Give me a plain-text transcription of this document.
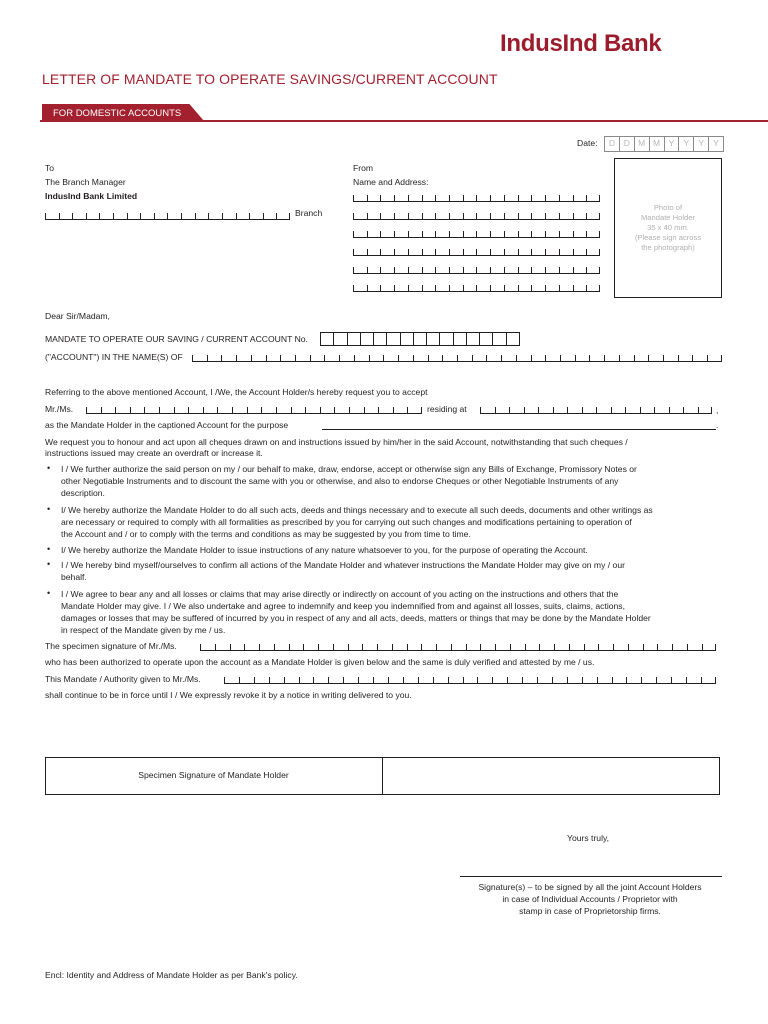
IndusInd Bank
LETTER OF MANDATE TO OPERATE SAVINGS/CURRENT ACCOUNT
FOR DOMESTIC ACCOUNTS
Date:	D	D M M Y	Y	Y	Y
To
The Branch Manager
IndusInd Bank Limited
Branch
From
Name and Address:
Photo of
Mandate Holder
35 x 40 mm.
(Please sign across
the photograph)
Dear Sir/Madam,
MANDATE TO OPERATE OUR SAVING / CURRENT ACCOUNT No.
("ACCOUNT") IN THE NAME(S) OF
Referring to the above mentioned Account, I /We, the Account Holder/s hereby request you to accept
Mr./Ms.	residing at	,
as the Mandate Holder in the captioned Account for the purpose	.
We request you to honour and act upon all cheques drawn on and instructions issued by him/her in the said Account, notwithstanding that such cheques /
instructions issued may create an overdraft or increase it.
• I / We further authorize the said person on my / our behalf to make, draw, endorse, accept or otherwise sign any Bills of Exchange, Promissory Notes or
other Negotiable Instruments and to discount the same with you or otherwise, and also to endorse Cheques or other Negotiable Instruments of any
description.
• I/ We hereby authorize the Mandate Holder to do all such acts, deeds and things necessary and to execute all such deeds, documents and other writings as
are necessary or required to comply with all formalities as prescribed by you for carrying out such changes and modifications pertaining to operation of
the Account and / or to comply with the terms and conditions as may be suggested by you from time to time.
• I/ We hereby authorize the Mandate Holder to issue instructions of any nature whatsoever to you, for the purpose of operating the Account.
• I / We hereby bind myself/ourselves to confirm all actions of the Mandate Holder and whatever instructions the Mandate Holder may give on my / our
behalf.
• I / We agree to bear any and all losses or claims that may arise directly or indirectly on account of you acting on the instructions and others that the
Mandate Holder may give. I / We also undertake and agree to indemnify and keep you indemnified from and against all losses, suits, claims, actions,
damages or losses that may be suffered of incurred by you in respect of any and all acts, deeds, matters or things that may be done by the Mandate Holder
in respect of the Mandate given by me / us.
The specimen signature of Mr./Ms.
who has been authorized to operate upon the account as a Mandate Holder is given below and the same is duly verified and attested by me / us.
This Mandate / Authority given to Mr./Ms.
shall continue to be in force until I / We expressly revoke it by a notice in writing delivered to you.
Specimen Signature of Mandate Holder
Yours truly,
Signature(s) – to be signed by all the joint Account Holders
in case of Individual Accounts / Proprietor with
stamp in case of Proprietorship firms.
Encl: Identity and Address of Mandate Holder as per Bank's policy.
